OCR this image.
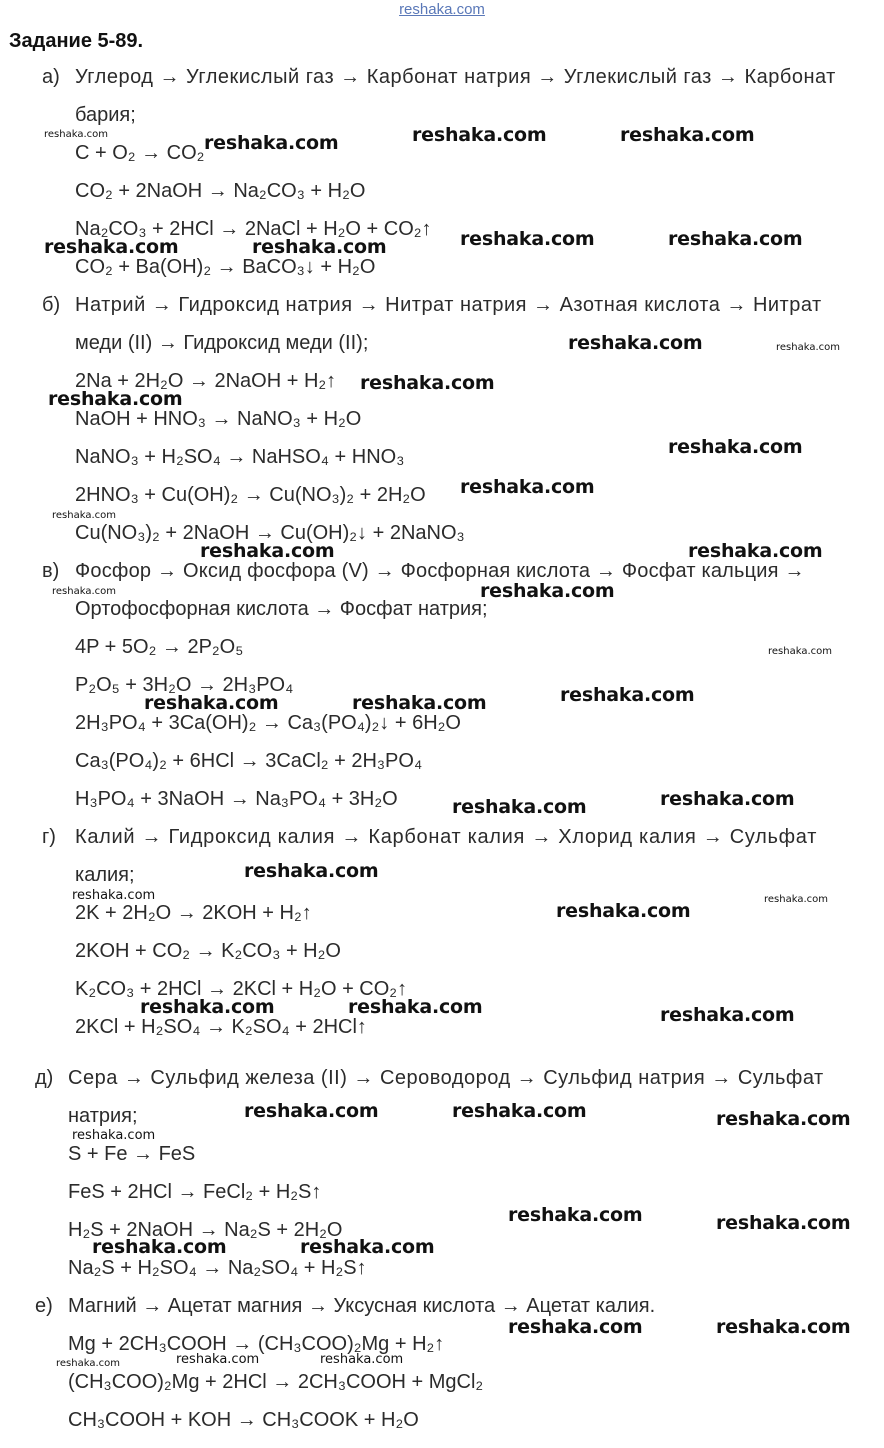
reshaka.com
Задание 5-89.
а) Углерод → Углекислый газ → Карбонат натрия → Углекислый газ → Карбонат
бария;
C + O₂ → CO₂
CO₂ + 2NaOH → Na₂CO₃ + H₂O
Na₂CO₃ + 2HCl → 2NaCl + H₂O + CO₂↑
CO₂ + Ba(OH)₂ → BaCO₃↓ + H₂O
б) Натрий → Гидроксид натрия → Нитрат натрия → Азотная кислота → Нитрат
меди (II) → Гидроксид меди (II);
2Na + 2H₂O → 2NaOH + H₂↑
NaOH + HNO₃ → NaNO₃ + H₂O
NaNO₃ + H₂SO₄ → NaHSO₄ + HNO₃
2HNO₃ + Cu(OH)₂ → Cu(NO₃)₂ + 2H₂O
Cu(NO₃)₂ + 2NaOH → Cu(OH)₂↓ + 2NaNO₃
в) Фосфор → Оксид фосфора (V) → Фосфорная кислота → Фосфат кальция →
Ортофосфорная кислота → Фосфат натрия;
4P + 5O₂ → 2P₂O₅
P₂O₅ + 3H₂O → 2H₃PO₄
2H₃PO₄ + 3Ca(OH)₂ → Ca₃(PO₄)₂↓ + 6H₂O
Ca₃(PO₄)₂ + 6HCl → 3CaCl₂ + 2H₃PO₄
H₃PO₄ + 3NaOH → Na₃PO₄ + 3H₂O
г) Калий → Гидроксид калия → Карбонат калия → Хлорид калия → Сульфат
калия;
2K + 2H₂O → 2KOH + H₂↑
2KOH + CO₂ → K₂CO₃ + H₂O
K₂CO₃ + 2HCl → 2KCl + H₂O + CO₂↑
2KCl + H₂SO₄ → K₂SO₄ + 2HCl↑
д) Сера → Сульфид железа (II) → Сероводород → Сульфид натрия → Сульфат
натрия;
S + Fe → FeS
FeS + 2HCl → FeCl₂ + H₂S↑
H₂S + 2NaOH → Na₂S + 2H₂O
Na₂S + H₂SO₄ → Na₂SO₄ + H₂S↑
е) Магний → Ацетат магния → Уксусная кислота → Ацетат калия.
Mg + 2CH₃COOH → (CH₃COO)₂Mg + H₂↑
(CH₃COO)₂Mg + 2HCl → 2CH₃COOH + MgCl₂
CH₃COOH + KOH → CH₃COOK + H₂O
reshaka.com	reshaka.com	reshaka.com
reshaka.com	reshaka.com	reshaka.com	reshaka.com
reshaka.com
reshaka.com
reshaka.com
reshaka.com
reshaka.com
reshaka.com	reshaka.com
reshaka.com
reshaka.com
reshaka.com	reshaka.com
reshaka.com
reshaka.com
reshaka.com
reshaka.com
reshaka.com	reshaka.com	reshaka.com
reshaka.com	reshaka.com	reshaka.com
reshaka.com	reshaka.com
reshaka.com	reshaka.com
reshaka.com	reshaka.com
reshaka.com
reshaka.com
reshaka.com
reshaka.com
reshaka.com
reshaka.com
reshaka.com
reshaka.com
reshaka.com
reshaka.com	reshaka.com
